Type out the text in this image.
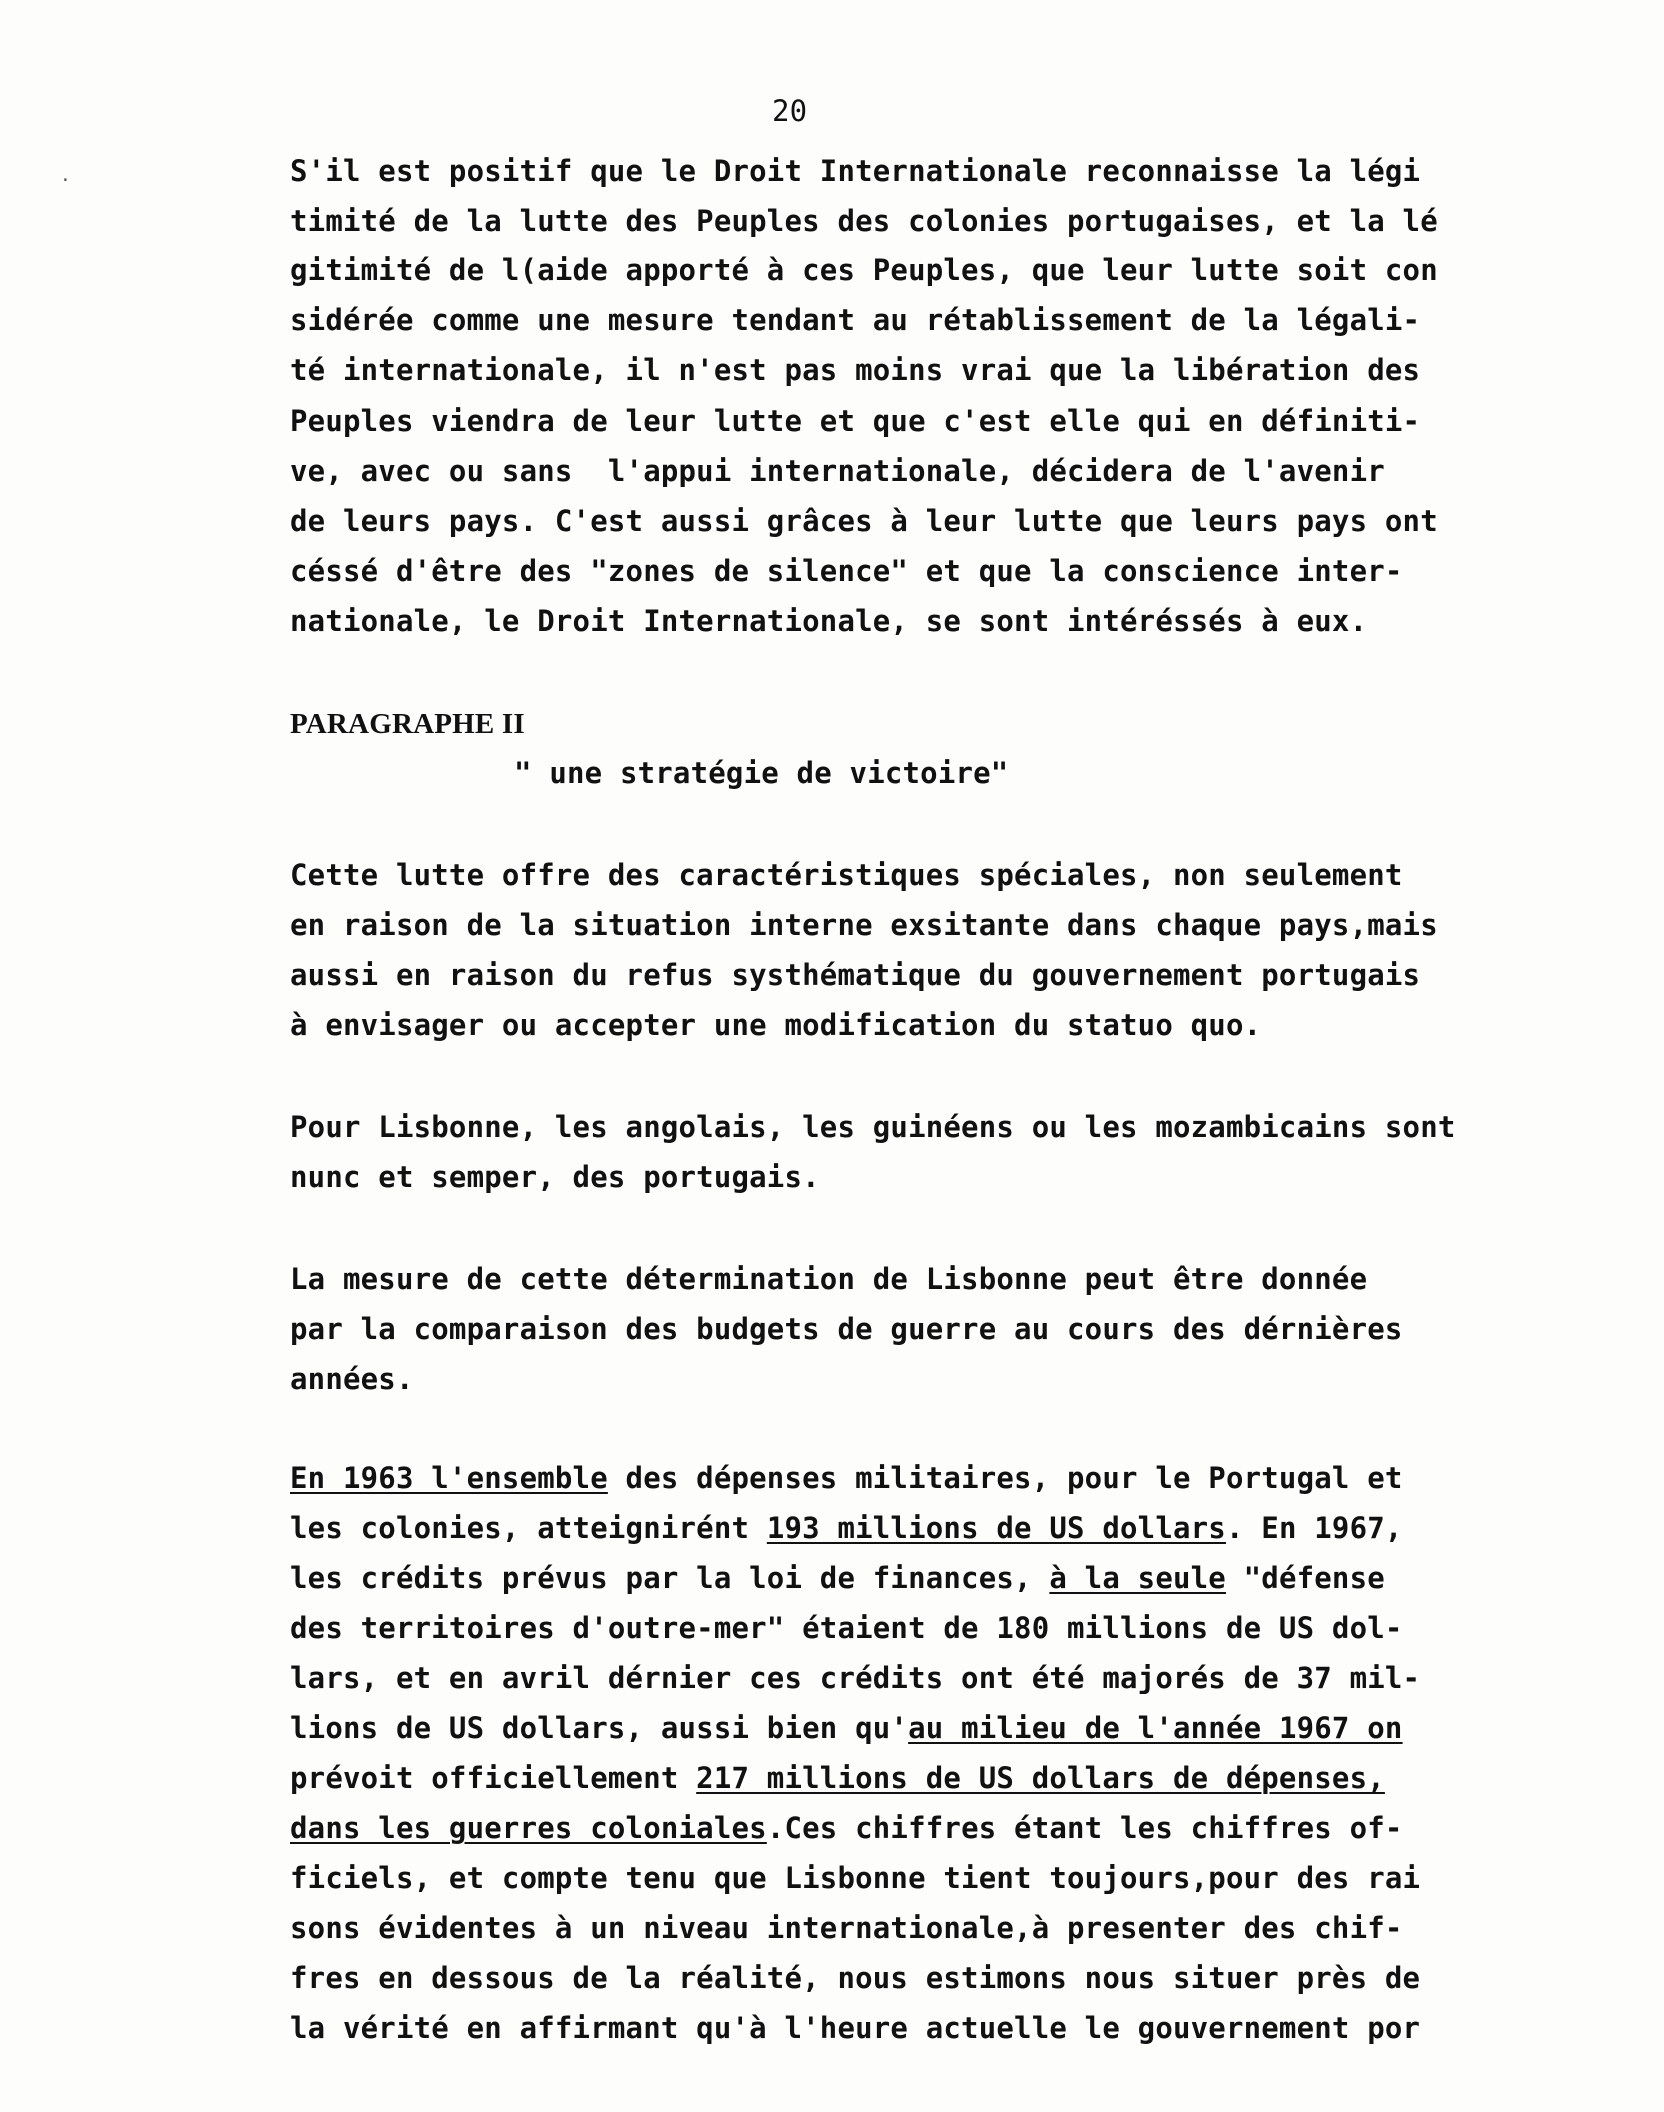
·
20
S'il est positif que le Droit Internationale reconnaisse la légi
timité de la lutte des Peuples des colonies portugaises, et la lé
gitimité de l(aide apporté à ces Peuples, que leur lutte soit con
sidérée comme une mesure tendant au rétablissement de la légali-
té internationale, il n'est pas moins vrai que la libération des
Peuples viendra de leur lutte et que c'est elle qui en définiti-
ve, avec ou sans  l'appui internationale, décidera de l'avenir
de leurs pays. C'est aussi grâces à leur lutte que leurs pays ont
céssé d'être des "zones de silence" et que la conscience inter-
nationale, le Droit Internationale, se sont intéréssés à eux.
PARAGRAPHE II
" une stratégie de victoire"
Cette lutte offre des caractéristiques spéciales, non seulement
en raison de la situation interne exsitante dans chaque pays,mais
aussi en raison du refus systhématique du gouvernement portugais
à envisager ou accepter une modification du statuo quo.
Pour Lisbonne, les angolais, les guinéens ou les mozambicains sont
nunc et semper, des portugais.
La mesure de cette détermination de Lisbonne peut être donnée
par la comparaison des budgets de guerre au cours des dérnières
années.
En 1963 l'ensemble des dépenses militaires, pour le Portugal et
les colonies, atteignirént 193 millions de US dollars. En 1967,
les crédits prévus par la loi de finances, à la seule "défense
des territoires d'outre-mer" étaient de 180 millions de US dol-
lars, et en avril dérnier ces crédits ont été majorés de 37 mil-
lions de US dollars, aussi bien qu'au milieu de l'année 1967 on
prévoit officiellement 217 millions de US dollars de dépenses,
dans les guerres coloniales.Ces chiffres étant les chiffres of-
ficiels, et compte tenu que Lisbonne tient toujours,pour des rai
sons évidentes à un niveau internationale,à presenter des chif-
fres en dessous de la réalité, nous estimons nous situer près de
la vérité en affirmant qu'à l'heure actuelle le gouvernement por
